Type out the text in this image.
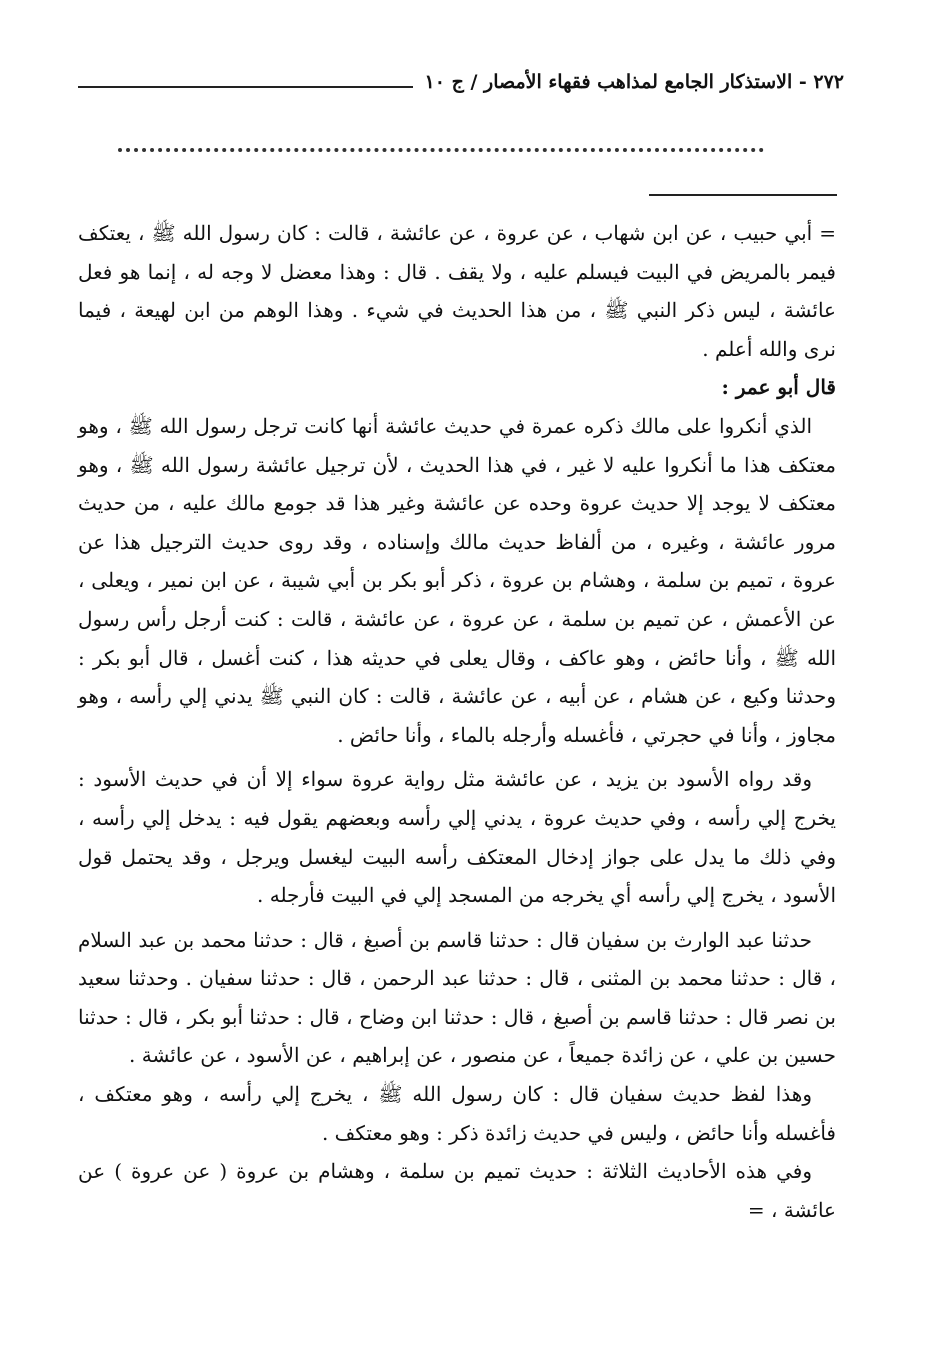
٢٧٢ - الاستذكار الجامع لمذاهب فقهاء الأمصار / ج ١٠

= أبي حبيب ، عن ابن شهاب ، عن عروة ، عن عائشة ، قالت : كان رسول الله ﷺ ، يعتكف فيمر بالمريض في البيت فيسلم عليه ، ولا يقف . قال : وهذا معضل لا وجه له ، إنما هو فعل عائشة ، ليس ذكر النبي ﷺ ، من هذا الحديث في شيء . وهذا الوهم من ابن لهيعة ، فيما نرى والله أعلم .

قال أبو عمر :

الذي أنكروا على مالك ذكره عمرة في حديث عائشة أنها كانت ترجل رسول الله ﷺ ، وهو معتكف هذا ما أنكروا عليه لا غير ، في هذا الحديث ، لأن ترجيل عائشة رسول الله ﷺ ، وهو معتكف لا يوجد إلا حديث عروة وحده عن عائشة وغير هذا قد جومع مالك عليه ، من حديث مرور عائشة ، وغيره ، من ألفاظ حديث مالك وإسناده ، وقد روى حديث الترجيل هذا عن عروة ، تميم بن سلمة ، وهشام بن عروة ، ذكر أبو بكر بن أبي شيبة ، عن ابن نمير ، ويعلى ، عن الأعمش ، عن تميم بن سلمة ، عن عروة ، عن عائشة ، قالت : كنت أرجل رأس رسول الله ﷺ ، وأنا حائض ، وهو عاكف ، وقال يعلى في حديثه هذا ، كنت أغسل ، قال أبو بكر : وحدثنا وكيع ، عن هشام ، عن أبيه ، عن عائشة ، قالت : كان النبي ﷺ يدني إلي رأسه ، وهو مجاوز ، وأنا في حجرتي ، فأغسله وأرجله بالماء ، وأنا حائض .

وقد رواه الأسود بن يزيد ، عن عائشة مثل رواية عروة سواء إلا أن في حديث الأسود : يخرج إلي رأسه ، وفي حديث عروة ، يدني إلي رأسه وبعضهم يقول فيه : يدخل إلي رأسه ، وفي ذلك ما يدل على جواز إدخال المعتكف رأسه البيت ليغسل ويرجل ، وقد يحتمل قول الأسود ، يخرج إلي رأسه أي يخرجه من المسجد إلي في البيت فأرجله .

حدثنا عبد الوارث بن سفيان قال : حدثنا قاسم بن أصبغ ، قال : حدثنا محمد بن عبد السلام ، قال : حدثنا محمد بن المثنى ، قال : حدثنا عبد الرحمن ، قال : حدثنا سفيان . وحدثنا سعيد بن نصر قال : حدثنا قاسم بن أصبغ ، قال : حدثنا ابن وضاح ، قال : حدثنا أبو بكر ، قال : حدثنا حسين بن علي ، عن زائدة جميعاً ، عن منصور ، عن إبراهيم ، عن الأسود ، عن عائشة .

وهذا لفظ حديث سفيان قال : كان رسول الله ﷺ ، يخرج إلي رأسه ، وهو معتكف ، فأغسله وأنا حائض ، وليس في حديث زائدة ذكر : وهو معتكف .

وفي هذه الأحاديث الثلاثة : حديث تميم بن سلمة ، وهشام بن عروة ( عن عروة ) عن عائشة ، =
